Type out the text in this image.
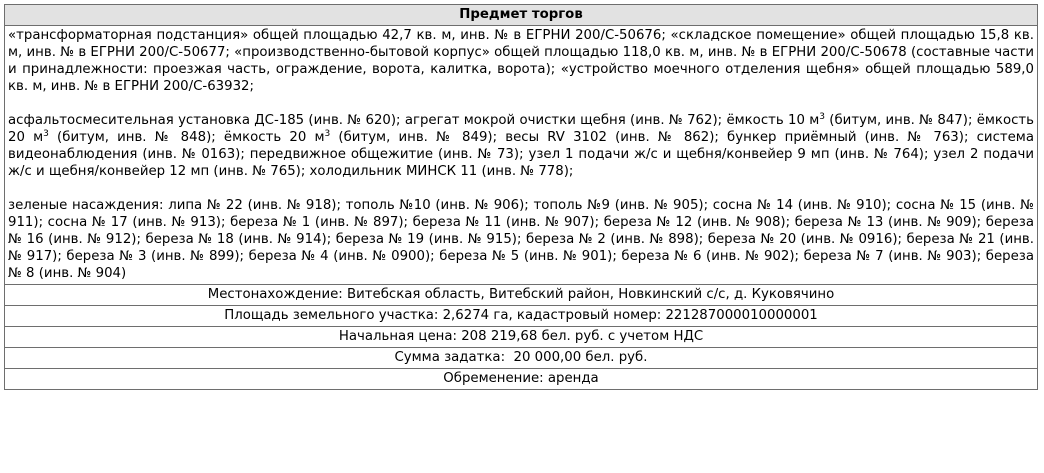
Предмет торгов

«трансформаторная подстанция» общей площадью 42,7 кв. м, инв. № в ЕГРНИ 200/С-50676; «складское помещение» общей площадью 15,8 кв. м, инв. № в ЕГРНИ 200/С-50677; «производственно-бытовой корпус» общей площадью 118,0 кв. м, инв. № в ЕГРНИ 200/С-50678 (составные части и принадлежности: проезжая часть, ограждение, ворота, калитка, ворота); «устройство моечного отделения щебня» общей площадью 589,0 кв. м, инв. № в ЕГРНИ 200/С-63932;

асфальтосмесительная установка ДС-185 (инв. № 620); агрегат мокрой очистки щебня (инв. № 762); ёмкость 10 $м^3$ (битум, инв. № 847); ёмкость 20 $м^3$ (битум, инв. № 848); ёмкость 20 $м^3$ (битум, инв. № 849); весы RV 3102 (инв. № 862); бункер приёмный (инв. № 763); система видеонаблюдения (инв. № 0163); передвижное общежитие (инв. № 73); узел 1 подачи ж/с и щебня/конвейер 9 мп (инв. № 764); узел 2 подачи ж/с и щебня/конвейер 12 мп (инв. № 765); холодильник МИНСК 11 (инв. № 778);

зеленые насаждения: липа № 22 (инв. № 918); тополь №10 (инв. № 906); тополь №9 (инв. № 905); сосна № 14 (инв. № 910); сосна № 15 (инв. № 911); сосна № 17 (инв. № 913); береза № 1 (инв. № 897); береза № 11 (инв. № 907); береза № 12 (инв. № 908); береза № 13 (инв. № 909); береза № 16 (инв. № 912); береза № 18 (инв. № 914); береза № 19 (инв. № 915); береза № 2 (инв. № 898); береза № 20 (инв. № 0916); береза № 21 (инв. № 917); береза № 3 (инв. № 899); береза № 4 (инв. № 0900); береза № 5 (инв. № 901); береза № 6 (инв. № 902); береза № 7 (инв. № 903); береза № 8 (инв. № 904)

Местонахождение: Витебская область, Витебский район, Новкинский с/с, д. Куковячино
Площадь земельного участка: 2,6274 га, кадастровый номер: 221287000010000001
Начальная цена: 208 219,68 бел. руб. с учетом НДС
Сумма задатка:  20 000,00 бел. руб.
Обременение: аренда
